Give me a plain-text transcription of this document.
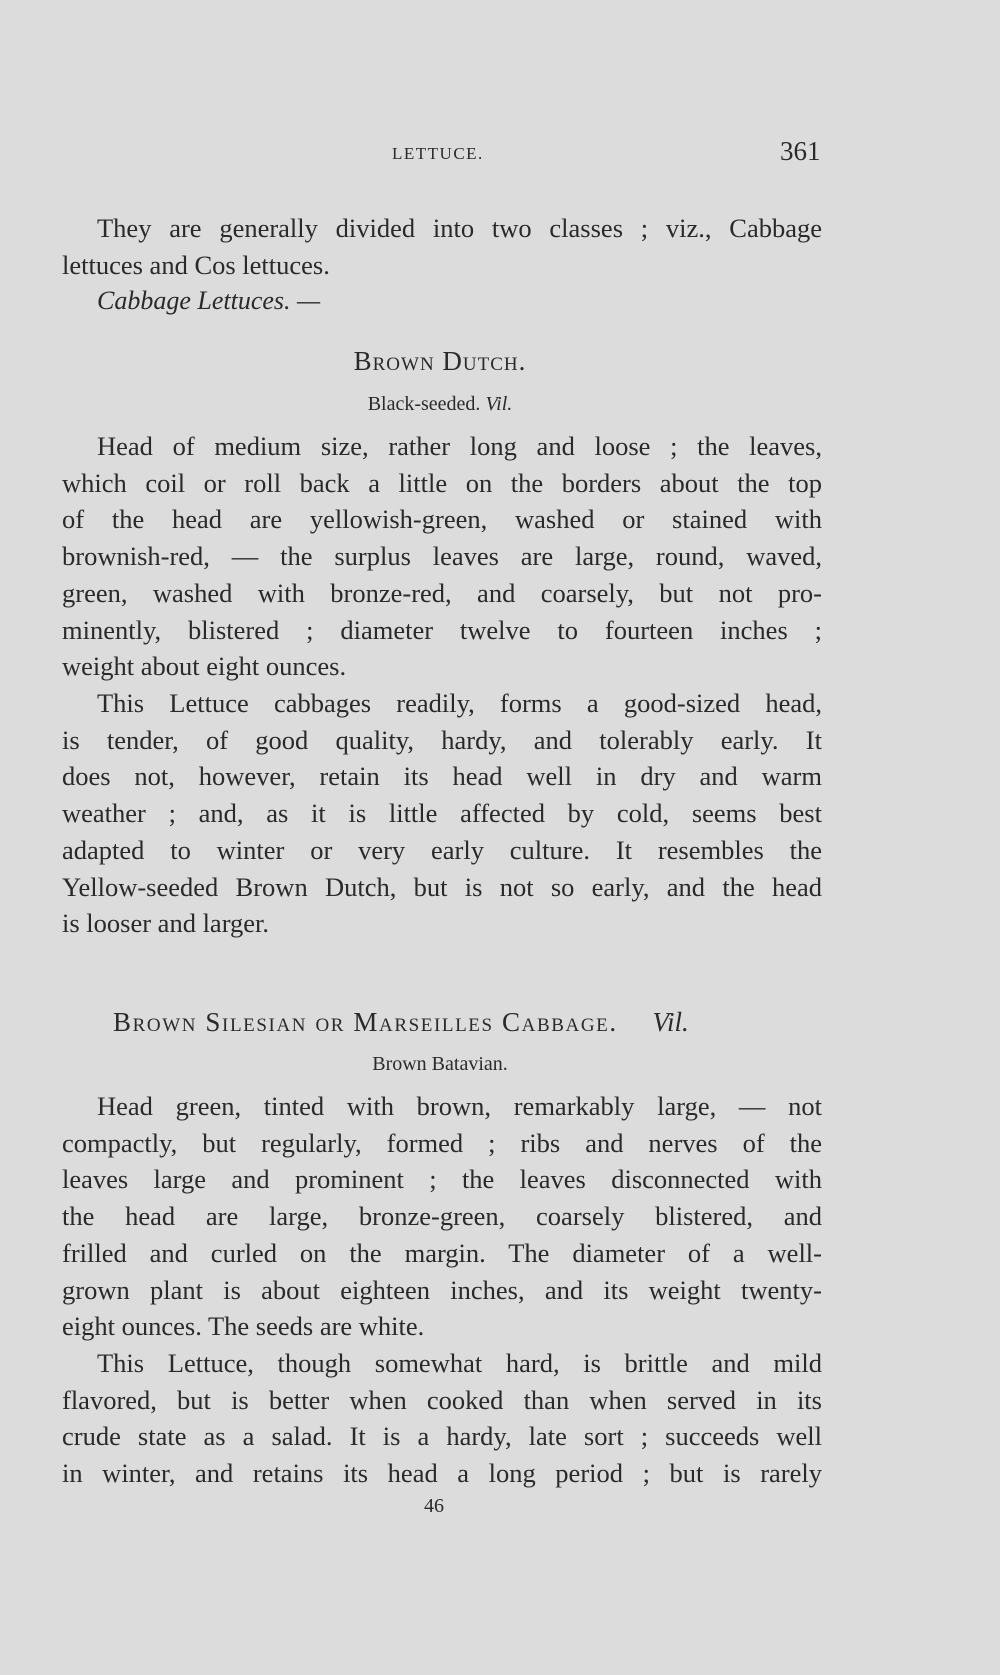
LETTUCE.	361
They are generally divided into two classes ; viz., Cabbage
lettuces and Cos lettuces.
Head of medium size, rather long and loose ; the leaves,
which coil or roll back a little on the borders about the top
of the head are yellowish-green, washed or stained with
brownish-red, — the surplus leaves are large, round, waved,
green, washed with bronze-red, and coarsely, but not pro-
minently, blistered ; diameter twelve to fourteen inches ;
weight about eight ounces.
This Lettuce cabbages readily, forms a good-sized head,
is tender, of good quality, hardy, and tolerably early. It
does not, however, retain its head well in dry and warm
weather ; and, as it is little affected by cold, seems best
adapted to winter or very early culture. It resembles the
Yellow-seeded Brown Dutch, but is not so early, and the head
is looser and larger.
Head green, tinted with brown, remarkably large, — not
compactly, but regularly, formed ; ribs and nerves of the
leaves large and prominent ; the leaves disconnected with
the head are large, bronze-green, coarsely blistered, and
frilled and curled on the margin. The diameter of a well-
grown plant is about eighteen inches, and its weight twenty-
eight ounces. The seeds are white.
This Lettuce, though somewhat hard, is brittle and mild
flavored, but is better when cooked than when served in its
crude state as a salad. It is a hardy, late sort ; succeeds well
in winter, and retains its head a long period ; but is rarely
Cabbage Lettuces. —
Brown Dutch.
Black-seeded. Vil.
Brown Silesian or Marseilles Cabbage. Vil.
Brown Batavian.
46
